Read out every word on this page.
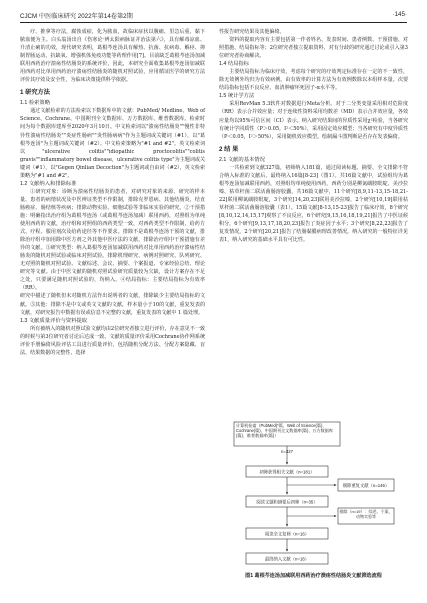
CJCM 中医临床研究 2022年第14卷第2期	·145·

疗、推拿等疗法，腐蚀成瘀，化为脓血，故临床症状以腹痛、里急后重、黏下脓血便为主。白头翁汤出自《伤寒论·辨太阳病脉证并治法第六》，具有解毒凉血、升清止痢的功效，现代研究表明，葛根芩连汤具有解热、抗菌、抗病毒、解痉、抑制胃肠运动、抗缺氧、增强机体免疫功能等药理作用[7]。目前缺乏葛根芩连汤加减联用西药治疗溃疡性结肠炎的系统评价，因此，本研究全面收集葛根芩连汤加减联用西药对比单用西药治疗溃疡性结肠炎的随机对照试验，应用循证医学的研究方法评价其疗效及安全性，为临床决策提供科学依据。

1 研究方法
1.1 检索策略

通过文献检索的方法检索以下数据库中的文献：PubMed/ Medline、Web of Science、Cochrane、中国期刊全文数据库、万方数据库、维普数据库。检索时间为每个数据库建库至2020年3月10日。中文检索词以"溃疡性结肠炎""慢性非特异性溃疡性结肠炎""炎症性肠病""炎性肠病病"作为主题词或关键词（#1），以"葛根芩连汤"为主题词或关键词（#2）。中文检索策略为"#1 and #2"。英文检索词以"ulcerative colitis""idiopathic proctocolitis""colitis gravis""inflammatory bowel disease，ulcerative colitis type"为主题词或关键词（#1），以"Gegen Qinlian Decoction"为主题词或自由词（#2），英文检索策略为"#1 and #2"。

1.2 文献纳入和排除标准

①研究对象：诊断为溃疡性结肠炎的患者，对研究对象的来源、研究的样本量、患者的病情状况及中医辨证类型不作限制，排除克罗恩病、其他结肠炎、结直肠癌症、肠结核等疾病；排除动物实验、细胞试验等非临床实验的研究。②干预措施：明确指出治疗组为葛根芩连汤（或葛根芩连汤加减）联用西药，对照组为单纯使用西药的文献，治疗组和对照组的西药类型一致，对西药类型不作限制，给药方式、疗程、服用剂次及给药途径等不作要求。排除不是葛根芩连汤干预的文献，排除治疗组中加用除中医方剂之外其他中医疗法的文献，排除治疗组中干预措施有差异的文献。③研究类型：纳入葛根芩连汤加减联用西药对比单用西药治疗溃疡性结肠炎的随机对照试验或临床对照试验。排除机理研究、病例对照研究、队列研究、无对照的随机对照试验、文献综述、会议、摘要、个案报道、专家经验总结、理论研究等文献。由于中医文献的随机对照试验研究质量较为欠缺，设计方案存在不足之处，只要满足随机对照试验的，均纳入。④结局指标：主要结局指标为有效率（RR）。

研究中描述了随机但未对随机方法作出说明者的文献，排除缺少主要结局指标的文献。⑤其他：排除不是中文或英文文献的文献，样本量小于10的文献，重复发表的文献，对研究报告中数据有误或信息不完整的文献，重复发表的文献中 1 篇处理。

1.3 文献质量评价与资料提取

所有被纳入的随机对照试验文献均由2位研究者独立进行评价，存在意见不一致的时候与第3位研究者讨论后达成一致。文献的质量评价采用Cochrane协作网系统评价手册偏倚风险评估工具进行质量评价，包括随机分配方法、分配方案隐藏、盲法、结果数据的完整性、选择

性报告研究结果及其他偏倚。

资料的提取内容有主要包括第一作者姓名、发表时间、患者例数、干预措施、对照措施、结局指标等；2位研究者独立提取资料，对有分歧的研究通过讨论或引入第3位研究者协商解决。

1.4 结局指标

主要结局指标为临床疗效，考虑每个研究的疗效判定标准存在一定的不一致性，除无效例外均归为有效病例。由有效率的计算方法为有效例数除以本组样本量。次要结局指标包括不良反应、血清肿瘤坏死因子-α水平等。

1.5 统计学方法

采用RevMan 5.3软件对数据进行Meta分析。对于二分类变量采用相对危险度（RR）表示合并效应量；对于连续性资料采用均数差（MD）表示合并效应量，各效应量均以95%可信区间（CI）表示。纳入研究结果间的异质性采用χ²检验，当各研究有统计学同质性（P＞0.05，I²＜50%），采用固定效应模型；当各研究有中度异质性（P＜0.05，I²＞50%），采用随机效应模型。绘制漏斗图判断是否存在发表偏倚。

2 结 果
2.1 文献的基本情况

一共检索到文献327篇，初筛纳入181篇，通过阅读标题、摘要、全文排除不符合纳入标准的文献后，最终纳入16篇[8-23]（图1）。共16篇文献中，试验组均为葛根芩连汤加减联用西药，对照组均单纯使用西药，西药分别是柳氮磺胺吡啶、美沙拉嗪、枯草杆菌二联活菌肠溶胶囊，共16篇文献中，11个研究[8,9,11-13,15-18,21-22]联用柳氮磺胺吡啶，3个研究[14,20,23]联用美沙拉嗪，2个研究[10,19]联用枯草杆菌二联活菌肠溶胶囊（表1）。15篇文献[8-13,15-23]报告了临床疗效，8个研究[8,10,12,14,15,17]观察了不良反应，6个研究[9,15,16,18,19,21]报告了中医证候积分，6个研究[9,13,17,18,20,23]报告了炎症因子水平；3个研究[8,22,23]报告了复发情况，2个研究[20,21]报告了结肠黏膜病理改善情况。纳入研究的一般特征详见表1，纳入研究的基础水平具有可比性。

计算机检索（PubMed(*篇、Web of Science(篇)、Cochrane(篇)、中国期刊全文数据库(篇)、万方数据库(篇)、维普数据库(篇)）
n=327
初筛获得相关文献（n=181）
剔除重复文献（n=146）
阅读文题和摘要后初筛（n=35）
排除（n=19）：综述、个案、动物实验等
阅读全文复筛（n=16）
最终纳入文献（n=16）
图1 葛根芩连汤加减联用西药治疗溃疡性结肠炎文献筛选流程
